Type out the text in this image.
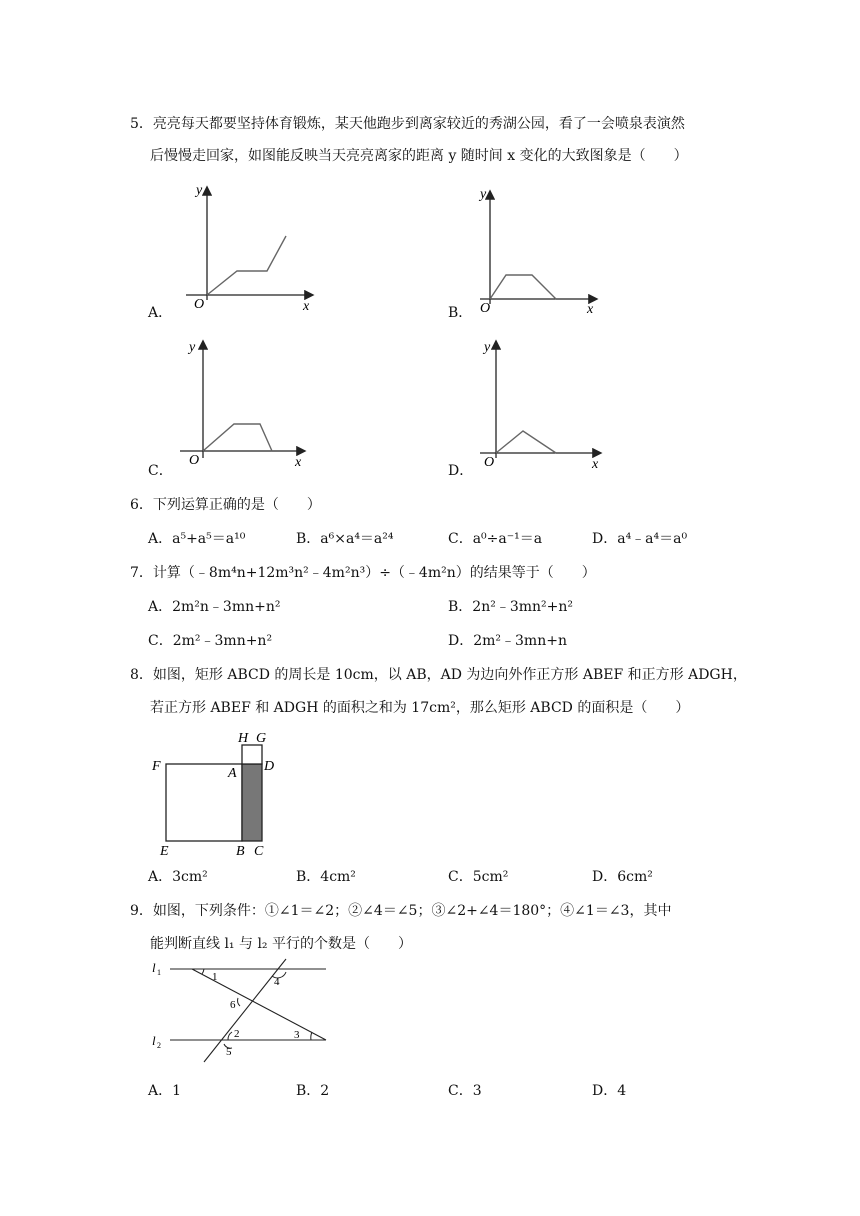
5．亮亮每天都要坚持体育锻炼，某天他跑步到离家较近的秀湖公园，看了一会喷泉表演然
后慢慢走回家，如图能反映当天亮亮离家的距离 y 随时间 x 变化的大致图象是（　　）
y
x
O
A．
y
x
O
B．
y
x
O
C．
y
x
O
D．
6．下列运算正确的是（　　）
A．a⁵+a⁵＝a¹⁰	B．a⁶×a⁴＝a²⁴	C．a⁰÷a⁻¹＝a	D．a⁴﹣a⁴＝a⁰
7．计算（﹣8m⁴n+12m³n²﹣4m²n³）÷（﹣4m²n）的结果等于（　　）
A．2m²n﹣3mn+n²	B．2n²﹣3mn²+n²
C．2m²﹣3mn+n²	D．2m²﹣3mn+n
8．如图，矩形 ABCD 的周长是 10cm，以 AB，AD 为边向外作正方形 ABEF 和正方形 ADGH，
若正方形 ABEF 和 ADGH 的面积之和为 17cm²，那么矩形 ABCD 的面积是（　　）
H G
F	A D
E	B C
A．3cm²	B．4cm²	C．5cm²	D．6cm²
9．如图，下列条件：①∠1＝∠2；②∠4＝∠5；③∠2+∠4＝180°；④∠1＝∠3，其中
能判断直线 l₁ 与 l₂ 平行的个数是（　　）
l 1
l 2
1	4
6
2
5
3
A．1	B．2	C．3	D．4
